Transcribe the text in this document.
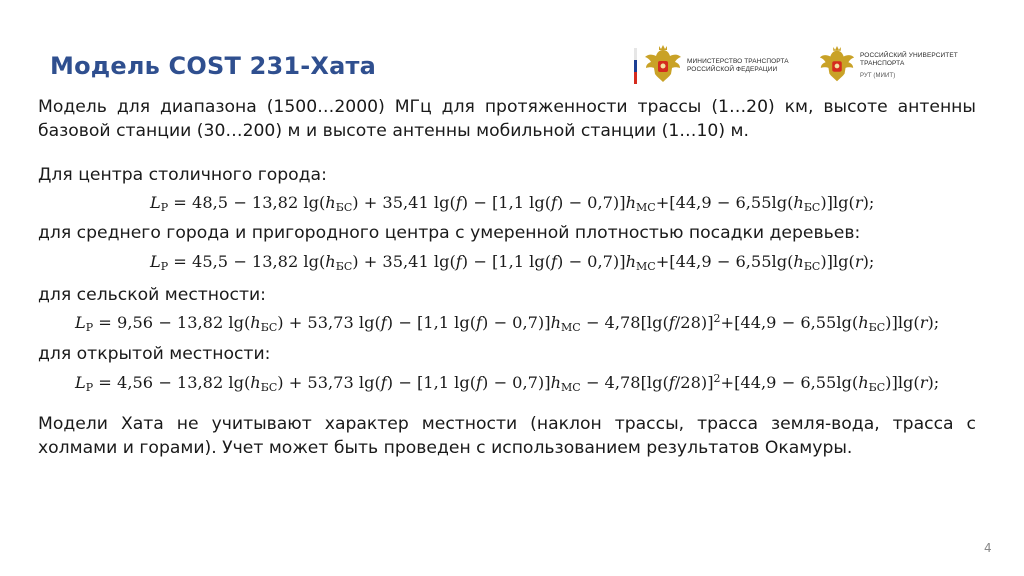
Модель COST 231-Хата	МИНИСТЕРСТВО ТРАНСПОРТА
РОССИЙСКОЙ ФЕДЕРАЦИИ
РОССИЙСКИЙ УНИВЕРСИТЕТ
ТРАНСПОРТА
РУТ (МИИТ)
Модель для диапазона (1500…2000) МГц для протяженности трассы (1…20) км, высоте антенны базовой станции (30…200) м и высоте антенны мобильной станции (1…10) м.
Для центра столичного города:
$L_P = 48,5 - 13,82$ $\lg(h_{БС}) + 35,41$ lg(f) − [1,1 $\lg(f) - 0,7)]h_{МС}+[44,9 - 6,55\lg(h_{БС})]\lg(r)$;
для среднего города и пригородного центра с умеренной плотностью посадки деревьев:
$L_P = 45,5 - 13,82$ $\lg(h_{БС}) + 35,41$ lg(f) − [1,1 $\lg(f) - 0,7)]h_{МС}+[44,9 - 6,55\lg(h_{БС})]\lg(r)$;
для сельской местности:
$L_P = 9,56 - 13,82$ $\lg(h_{БС}) + 53,73$ lg(f) − [1,1 $\lg(f) - 0,7)]h_{МС} - 4,78[\lg(f/28)]^2+[44,9 - 6,55\lg(h_{БС})]\lg(r)$;
для открытой местности:
$L_P = 4,56 - 13,82$ $\lg(h_{БС}) + 53,73$ lg(f) − [1,1 $\lg(f) - 0,7)]h_{МС} - 4,78[\lg(f/28)]^2+[44,9 - 6,55\lg(h_{БС})]\lg(r)$;
Модели Хата не учитывают характер местности (наклон трассы, трасса земля-вода, трасса с холмами и горами). Учет может быть проведен с использованием результатов Окамуры.
4
